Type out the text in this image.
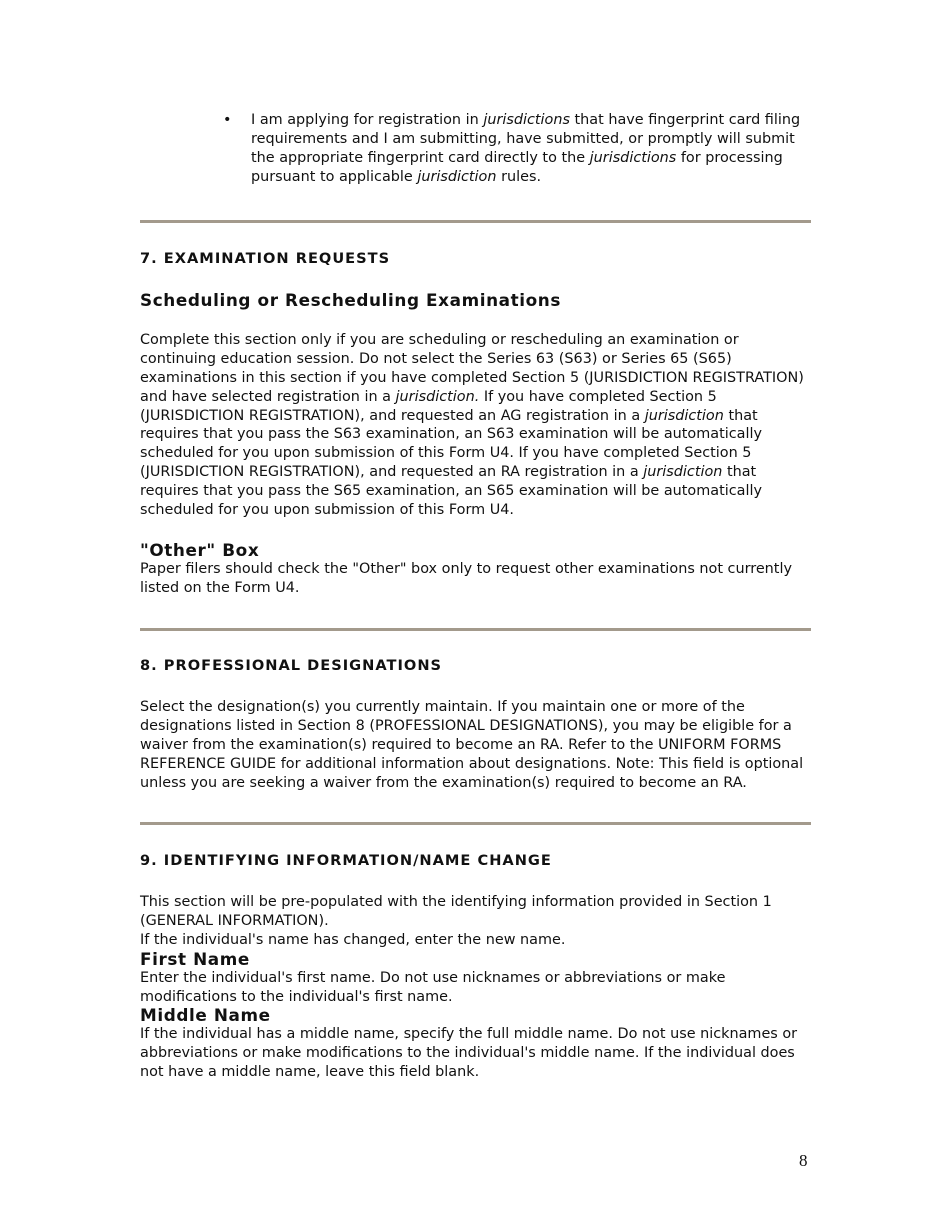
• I am applying for registration in jurisdictions that have fingerprint card filing requirements and I am submitting, have submitted, or promptly will submit the appropriate fingerprint card directly to the jurisdictions for processing pursuant to applicable jurisdiction rules.

7. EXAMINATION REQUESTS
Scheduling or Rescheduling Examinations

Complete this section only if you are scheduling or rescheduling an examination or continuing education session. Do not select the Series 63 (S63) or Series 65 (S65) examinations in this section if you have completed Section 5 (JURISDICTION REGISTRATION) and have selected registration in a jurisdiction. If you have completed Section 5 (JURISDICTION REGISTRATION), and requested an AG registration in a jurisdiction that requires that you pass the S63 examination, an S63 examination will be automatically scheduled for you upon submission of this Form U4. If you have completed Section 5 (JURISDICTION REGISTRATION), and requested an RA registration in a jurisdiction that requires that you pass the S65 examination, an S65 examination will be automatically scheduled for you upon submission of this Form U4.

"Other" Box

Paper filers should check the "Other" box only to request other examinations not currently listed on the Form U4.

8. PROFESSIONAL DESIGNATIONS

Select the designation(s) you currently maintain. If you maintain one or more of the designations listed in Section 8 (PROFESSIONAL DESIGNATIONS), you may be eligible for a waiver from the examination(s) required to become an RA. Refer to the UNIFORM FORMS REFERENCE GUIDE for additional information about designations. Note: This field is optional unless you are seeking a waiver from the examination(s) required to become an RA.

9. IDENTIFYING INFORMATION/NAME CHANGE

This section will be pre-populated with the identifying information provided in Section 1 (GENERAL INFORMATION).

If the individual's name has changed, enter the new name.

First Name

Enter the individual's first name. Do not use nicknames or abbreviations or make modifications to the individual's first name.

Middle Name

If the individual has a middle name, specify the full middle name. Do not use nicknames or abbreviations or make modifications to the individual's middle name. If the individual does not have a middle name, leave this field blank.

8
